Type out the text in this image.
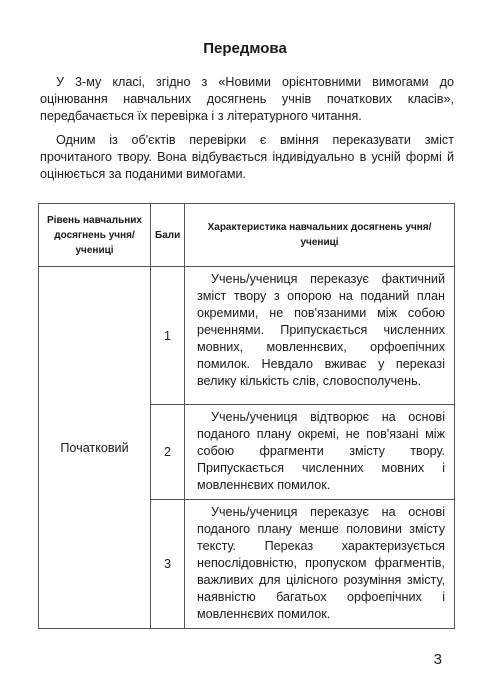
Передмова

У 3-му класі, згідно з «Новими орієнтовними вимогами до оцінювання навчальних досягнень учнів початкових класів», передбачається їх перевірка і з літературного читання.

Одним із об'єктів перевірки є вміння переказувати зміст прочитаного твору. Вона відбувається індивідуально в усній формі й оцінюється за поданими вимогами.

Рівень навчальних досягнень учня/учениці	Бали	Характеристика навчальних досягнень учня/учениці
Початковий	1	Учень/учениця переказує фактичний зміст твору з опорою на поданий план окремими, не пов'язаними між собою реченнями. Припускається численних мовних, мовленнєвих, орфоепічних помилок. Невдало вживає у переказі велику кількість слів, словосполучень.
	2	Учень/учениця відтворює на основі поданого плану окремі, не пов'язані між собою фрагменти змісту твору. Припускається численних мовних і мовленнєвих помилок.
	3	Учень/учениця переказує на основі поданого плану менше половини змісту тексту. Переказ характеризується непослідовністю, пропуском фрагментів, важливих для цілісного розуміння змісту, наявністю багатьох орфоепічних і мовленнєвих помилок.
3
